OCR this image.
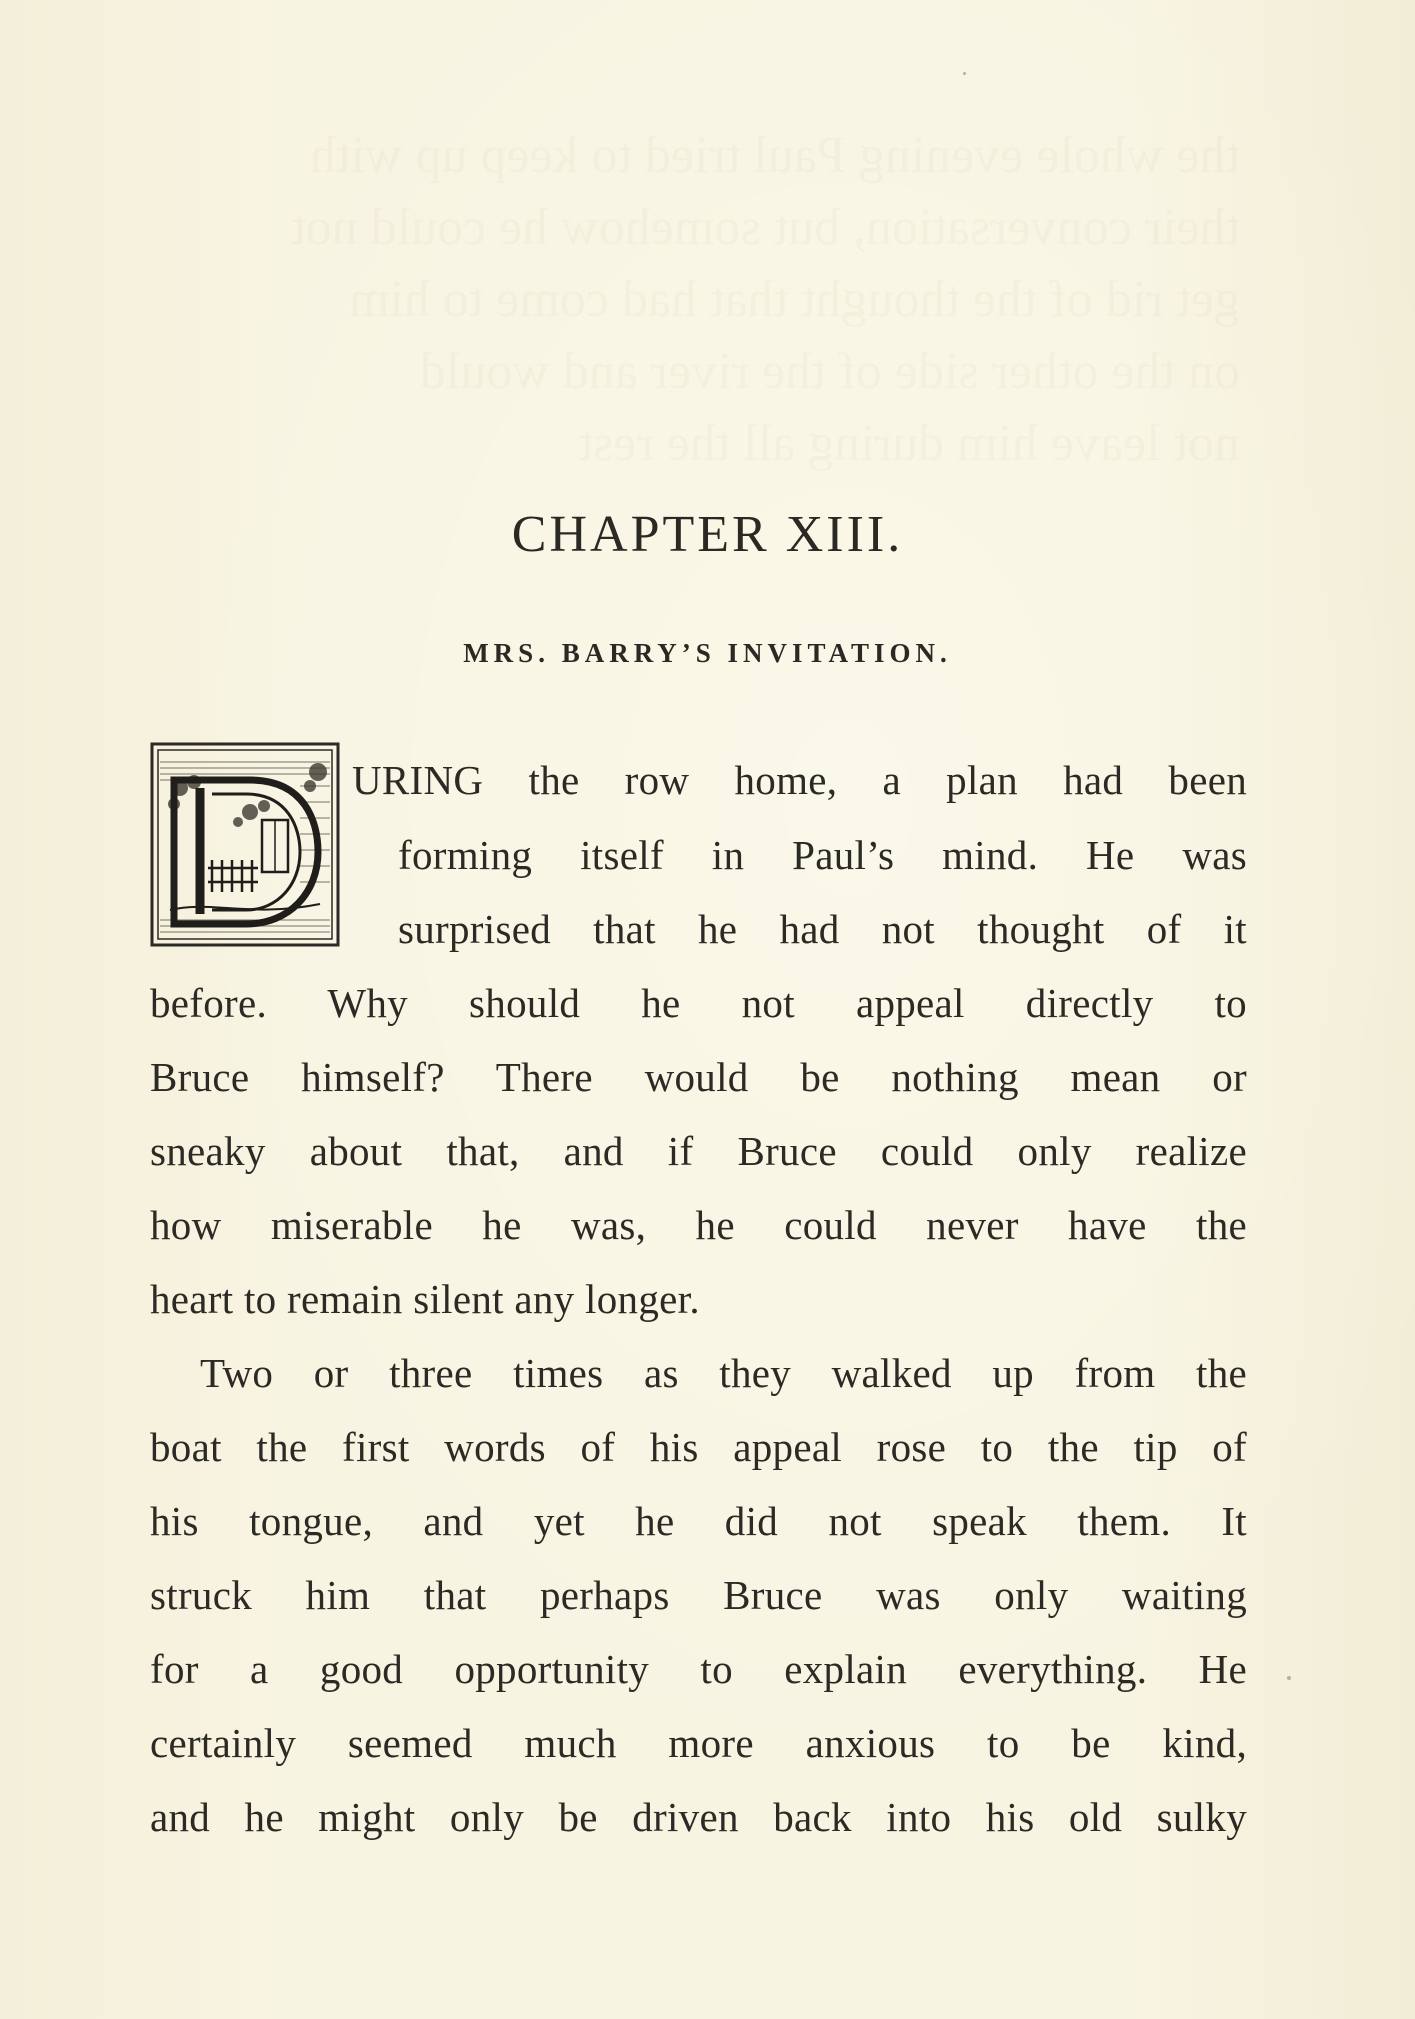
CHAPTER XIII.
MRS. BARRY’S INVITATION.
URING the row home, a plan had been
forming itself in Paul’s mind. He was
surprised that he had not thought of it
before. Why should he not appeal directly to
Bruce himself? There would be nothing mean or
sneaky about that, and if Bruce could only realize
how miserable he was, he could never have the
heart to remain silent any longer.
Two or three times as they walked up from the
boat the first words of his appeal rose to the tip of
his tongue, and yet he did not speak them. It
struck him that perhaps Bruce was only waiting
for a good opportunity to explain everything. He
certainly seemed much more anxious to be kind,
and he might only be driven back into his old sulky
